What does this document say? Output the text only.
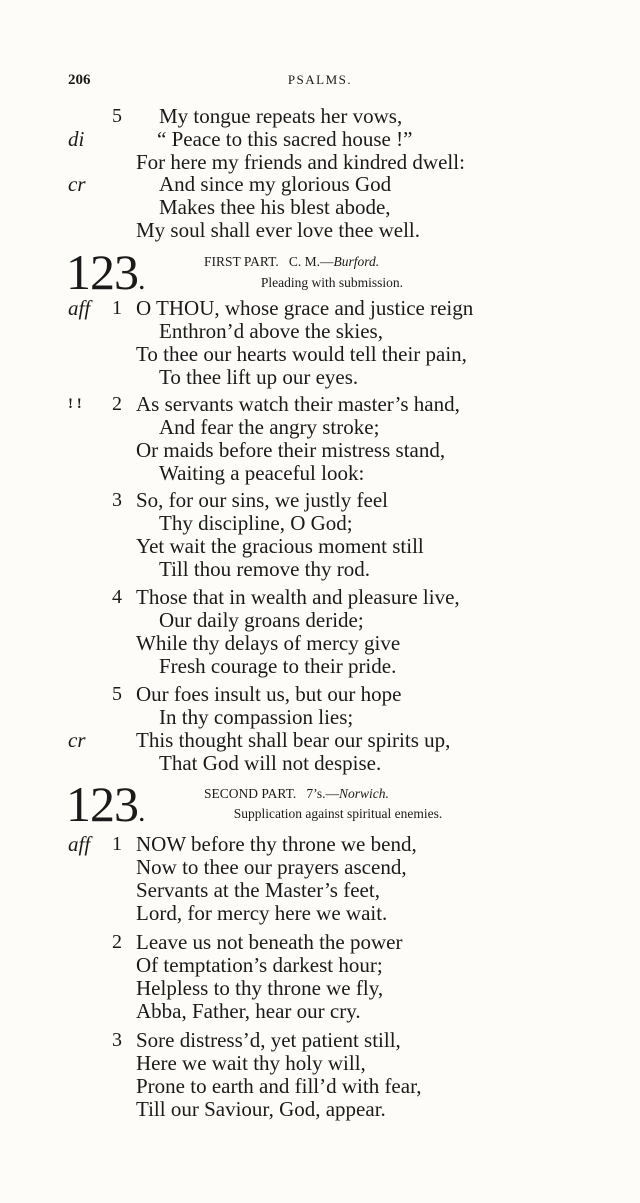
206	PSALMS.
5 My tongue repeats her vows,
di	“ Peace to this sacred house !”
For here my friends and kindred dwell:
cr	And since my glorious God
Makes thee his blest abode,
My soul shall ever love thee well.
123.
FIRST PART. C. M.—Burford.
Pleading with submission.
aff 1 O THOU, whose grace and justice reign
Enthron’d above the skies,
To thee our hearts would tell their pain,
To thee lift up our eyes.
! ! 2 As servants watch their master’s hand,
And fear the angry stroke;
Or maids before their mistress stand,
Waiting a peaceful look:
3 So, for our sins, we justly feel
Thy discipline, O God;
Yet wait the gracious moment still
Till thou remove thy rod.
4 Those that in wealth and pleasure live,
Our daily groans deride;
While thy delays of mercy give
Fresh courage to their pride.
5 Our foes insult us, but our hope
In thy compassion lies;
cr This thought shall bear our spirits up,
That God will not despise.
123.
SECOND PART. 7’s.—Norwich.
Supplication against spiritual enemies.
aff 1 NOW before thy throne we bend,
Now to thee our prayers ascend,
Servants at the Master’s feet,
Lord, for mercy here we wait.
2 Leave us not beneath the power
Of temptation’s darkest hour;
Helpless to thy throne we fly,
Abba, Father, hear our cry.
3 Sore distress’d, yet patient still,
Here we wait thy holy will,
Prone to earth and fill’d with fear,
Till our Saviour, God, appear.
